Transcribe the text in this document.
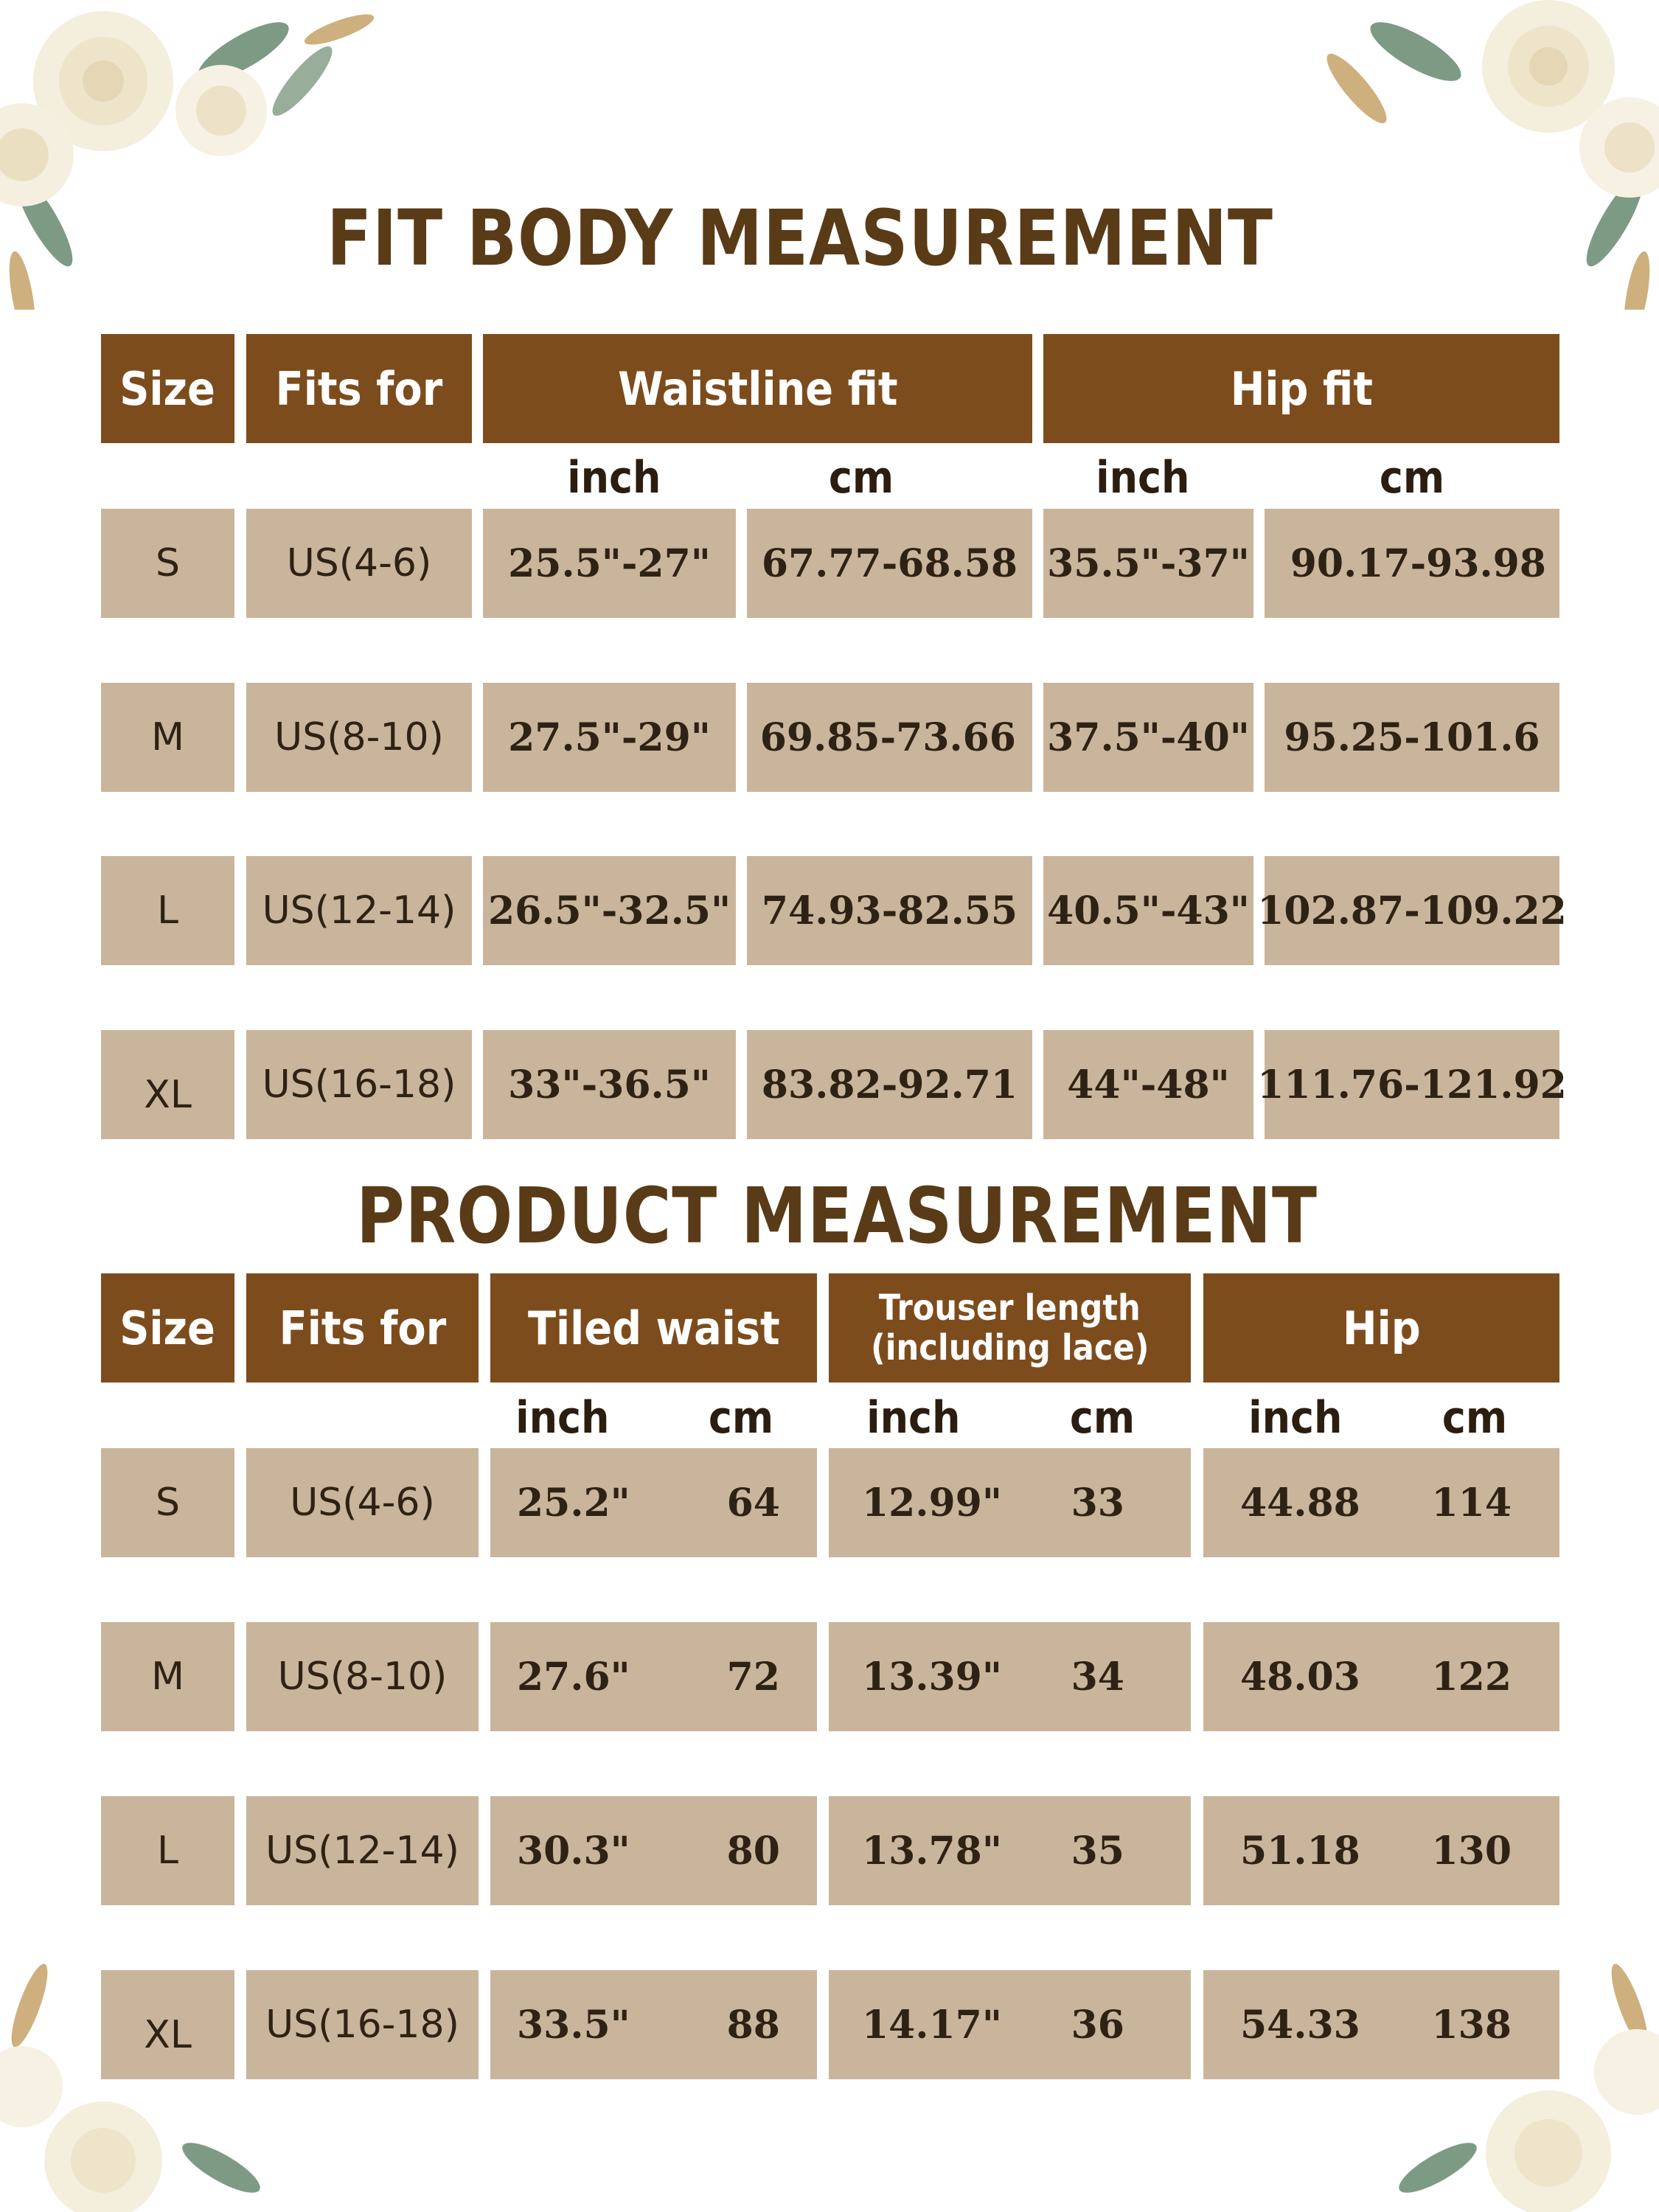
FIT BODY MEASUREMENT
Size Fits for	Waistline fit	Hip fit
inch	cm	inch	cm
S	US(4-6)	25.5"-27"	67.77-68.58 35.5"-37"	90.17-93.98
M	US(8-10)	27.5"-29"	69.85-73.66 37.5"-40" 95.25-101.6
L	US(12-14) 26.5"-32.5" 74.93-82.55 40.5"-43" 102.87-109.22
XL	US(16-18)	33"-36.5"	83.82-92.71	44"-48" 111.76-121.92
PRODUCT MEASUREMENT
Size Fits for Tiled waist	Trouser length
(including lace)	Hip
inch cm inch cm	inch cm
S	US(4-6)	25.2"	64 12.99" 33	44.88 114
M	US(8-10)	27.6"	72 13.39" 34	48.03 122
L	US(12-14)	30.3"	80 13.78" 35	51.18 130
XL	US(16-18)	33.5"	88 14.17" 36	54.33 138
